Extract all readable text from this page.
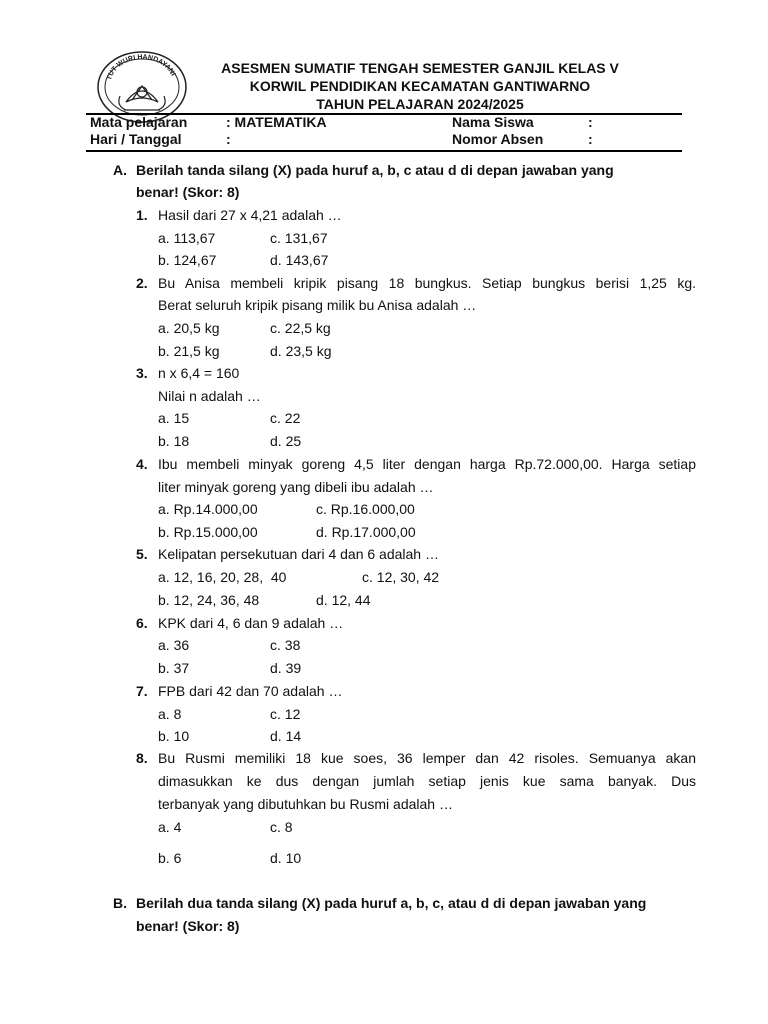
TUT WURI HANDAYANI	ASESMEN SUMATIF TENGAH SEMESTER GANJIL KELAS V
KORWIL PENDIDIKAN KECAMATAN GANTIWARNO
TAHUN PELAJARAN 2024/2025
Mata pelajaran	: MATEMATIKA	Nama Siswa	:
Hari / Tanggal	:	Nomor Absen	:
A. Berilah tanda silang (X) pada huruf a, b, c atau d di depan jawaban yang
benar! (Skor: 8)
1. Hasil dari 27 x 4,21 adalah …
a. 113,67	c. 131,67
b. 124,67	d. 143,67
2. Bu Anisa membeli kripik pisang 18 bungkus. Setiap bungkus berisi 1,25 kg.
Berat seluruh kripik pisang milik bu Anisa adalah …
a. 20,5 kg	c. 22,5 kg
b. 21,5 kg	d. 23,5 kg
3. n x 6,4 = 160
Nilai n adalah …
a. 15	c. 22
b. 18	d. 25
4. Ibu membeli minyak goreng 4,5 liter dengan harga Rp.72.000,00. Harga setiap
liter minyak goreng yang dibeli ibu adalah …
a. Rp.14.000,00	c. Rp.16.000,00
b. Rp.15.000,00	d. Rp.17.000,00
5. Kelipatan persekutuan dari 4 dan 6 adalah …
a. 12, 16, 20, 28,  40	c. 12, 30, 42
b. 12, 24, 36, 48	d. 12, 44
6. KPK dari 4, 6 dan 9 adalah …
a. 36	c. 38
b. 37	d. 39
7. FPB dari 42 dan 70 adalah …
a. 8	c. 12
b. 10	d. 14
8. Bu Rusmi memiliki 18 kue soes, 36 lemper dan 42 risoles. Semuanya akan
dimasukkan ke dus dengan jumlah setiap jenis kue sama banyak. Dus
terbanyak yang dibutuhkan bu Rusmi adalah …
a. 4	c. 8
b. 6	d. 10
B. Berilah dua tanda silang (X) pada huruf a, b, c, atau d di depan jawaban yang
benar! (Skor: 8)
